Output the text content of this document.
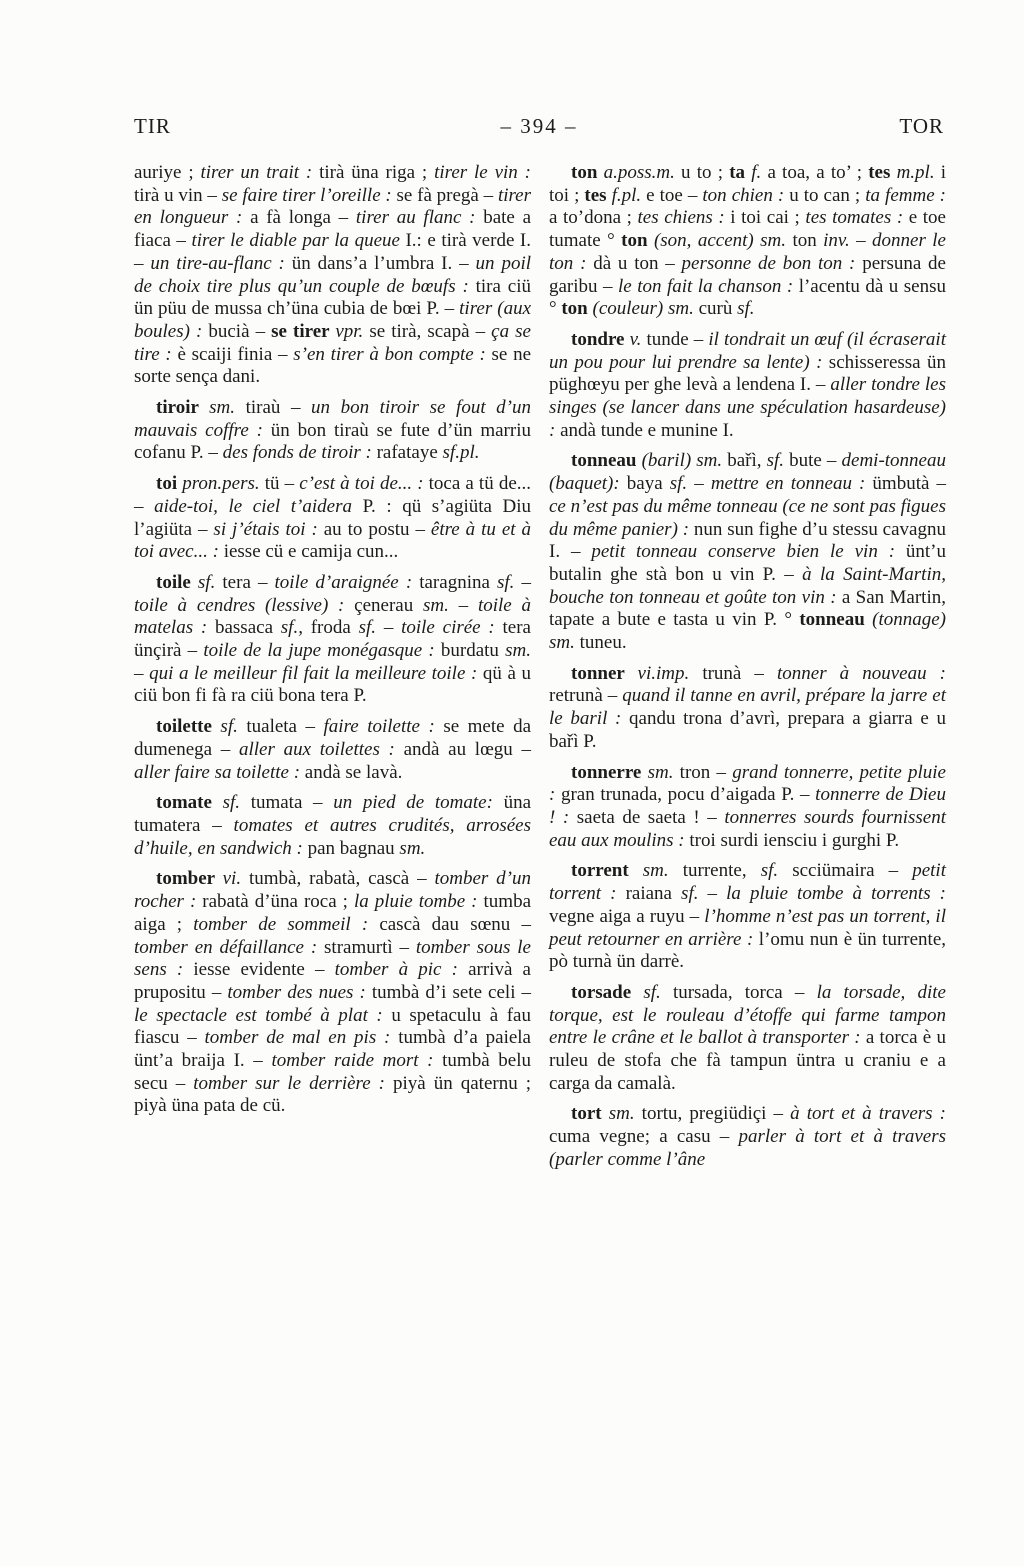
TIR	– 394 –	TOR

auriye ; tirer un trait : tirà üna riga ; tirer le vin : tirà u vin – se faire tirer l’oreille : se fà pregà – tirer en longueur : a fà longa – tirer au flanc : bate a fiaca – tirer le diable par la queue I.: e tirà verde I. – un tire-au-flanc : ün dans’a l’umbra I. – un poil de choix tire plus qu’un couple de bœufs : tira ciü ün püu de mussa ch’üna cubia de bœi P. – tirer (aux boules) : bucià – se tirer vpr. se tirà, scapà – ça se tire : è scaiji finia – s’en tirer à bon compte : se ne sorte sença dani.

tiroir sm. tiraù – un bon tiroir se fout d’un mauvais coffre : ün bon tiraù se fute d’ün marriu cofanu P. – des fonds de tiroir : rafataye sf.pl.

toi pron.pers. tü – c’est à toi de... : toca a tü de... – aide-toi, le ciel t’aidera P. : qü s’agiüta Diu l’agiüta – si j’étais toi : au to postu – être à tu et à toi avec... : iesse cü e camija cun...

toile sf. tera – toile d’araignée : taragnina sf. – toile à cendres (lessive) : çenerau sm. – toile à matelas : bassaca sf., froda sf. – toile cirée : tera ünçirà – toile de la jupe monégasque : burdatu sm. – qui a le meilleur fil fait la meilleure toile : qü à u ciü bon fi fà ra ciü bona tera P.

toilette sf. tualeta – faire toilette : se mete da dumenega – aller aux toilettes : andà au lœgu – aller faire sa toilette : andà se lavà.

tomate sf. tumata – un pied de tomate: üna tumatera – tomates et autres crudités, arrosées d’huile, en sandwich : pan bagnau sm.

tomber vi. tumbà, rabatà, cascà – tomber d’un rocher : rabatà d’üna roca ; la pluie tombe : tumba aiga ; tomber de sommeil : cascà dau sœnu – tomber en défaillance : stramurtì – tomber sous le sens : iesse evidente – tomber à pic : arrivà a prupositu – tomber des nues : tumbà d’i sete celi – le spectacle est tombé à plat : u spetaculu à fau fiascu – tomber de mal en pis : tumbà d’a paiela ünt’a braija I. – tomber raide mort : tumbà belu secu – tomber sur le derrière : piyà ün qaternu ; piyà üna pata de cü.

ton a.poss.m. u to ; ta f. a toa, a to’ ; tes m.pl. i toi ; tes f.pl. e toe – ton chien : u to can ; ta femme : a to’dona ; tes chiens : i toi cai ; tes tomates : e toe tumate ° ton (son, accent) sm. ton inv. – donner le ton : dà u ton – personne de bon ton : persuna de garibu – le ton fait la chanson : l’acentu dà u sensu ° ton (couleur) sm. curù sf.

tondre v. tunde – il tondrait un œuf (il écraserait un pou pour lui prendre sa lente) : schisseressa ün püghœyu per ghe levà a lendena I. – aller tondre les singes (se lancer dans une spéculation hasardeuse) : andà tunde e munine I.

tonneau (baril) sm. bařì, sf. bute – demi-tonneau (baquet): baya sf. – mettre en tonneau : ümbutà – ce n’est pas du même tonneau (ce ne sont pas figues du même panier) : nun sun fighe d’u stessu cavagnu I. – petit tonneau conserve bien le vin : ünt’u butalin ghe stà bon u vin P. – à la Saint-Martin, bouche ton tonneau et goûte ton vin : a San Martin, tapate a bute e tasta u vin P. ° tonneau (tonnage) sm. tuneu.

tonner vi.imp. trunà – tonner à nouveau : retrunà – quand il tanne en avril, prépare la jarre et le baril : qandu trona d’avrì, prepara a giarra e u bařì P.

tonnerre sm. tron – grand tonnerre, petite pluie : gran trunada, pocu d’aigada P. – tonnerre de Dieu ! : saeta de saeta ! – tonnerres sourds fournissent eau aux moulins : troi surdi iensciu i gurghi P.

torrent sm. turrente, sf. scciümaira – petit torrent : raiana sf. – la pluie tombe à torrents : vegne aiga a ruyu – l’homme n’est pas un torrent, il peut retourner en arrière : l’omu nun è ün turrente, pò turnà ün darrè.

torsade sf. tursada, torca – la torsade, dite torque, est le rouleau d’étoffe qui farme tampon entre le crâne et le ballot à transporter : a torca è u ruleu de stofa che fà tampun üntra u craniu e a carga da camalà.

tort sm. tortu, pregiüdiçi – à tort et à travers : cuma vegne; a casu – parler à tort et à travers (parler comme l’âne
